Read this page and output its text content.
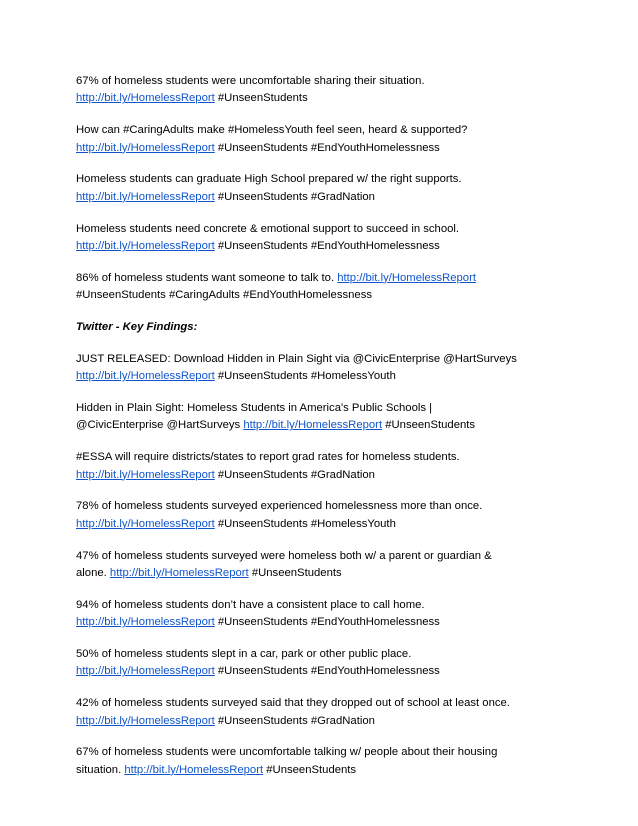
67% of homeless students were uncomfortable sharing their situation.
http://bit.ly/HomelessReport #UnseenStudents
How can #CaringAdults make #HomelessYouth feel seen, heard & supported?
http://bit.ly/HomelessReport #UnseenStudents #EndYouthHomelessness
Homeless students can graduate High School prepared w/ the right supports.
http://bit.ly/HomelessReport #UnseenStudents #GradNation
Homeless students need concrete & emotional support to succeed in school.
http://bit.ly/HomelessReport #UnseenStudents #EndYouthHomelessness
86% of homeless students want someone to talk to. http://bit.ly/HomelessReport
#UnseenStudents #CaringAdults #EndYouthHomelessness
Twitter - Key Findings:
JUST RELEASED: Download Hidden in Plain Sight via @CivicEnterprise @HartSurveys
http://bit.ly/HomelessReport #UnseenStudents #HomelessYouth
Hidden in Plain Sight: Homeless Students in America's Public Schools |
@CivicEnterprise @HartSurveys http://bit.ly/HomelessReport #UnseenStudents
#ESSA will require districts/states to report grad rates for homeless students.
http://bit.ly/HomelessReport #UnseenStudents #GradNation
78% of homeless students surveyed experienced homelessness more than once.
http://bit.ly/HomelessReport #UnseenStudents #HomelessYouth
47% of homeless students surveyed were homeless both w/ a parent or guardian &
alone. http://bit.ly/HomelessReport #UnseenStudents
94% of homeless students don’t have a consistent place to call home.
http://bit.ly/HomelessReport #UnseenStudents #EndYouthHomelessness
50% of homeless students slept in a car, park or other public place.
http://bit.ly/HomelessReport #UnseenStudents #EndYouthHomelessness
42% of homeless students surveyed said that they dropped out of school at least once.
http://bit.ly/HomelessReport #UnseenStudents #GradNation
67% of homeless students were uncomfortable talking w/ people about their housing
situation. http://bit.ly/HomelessReport #UnseenStudents
